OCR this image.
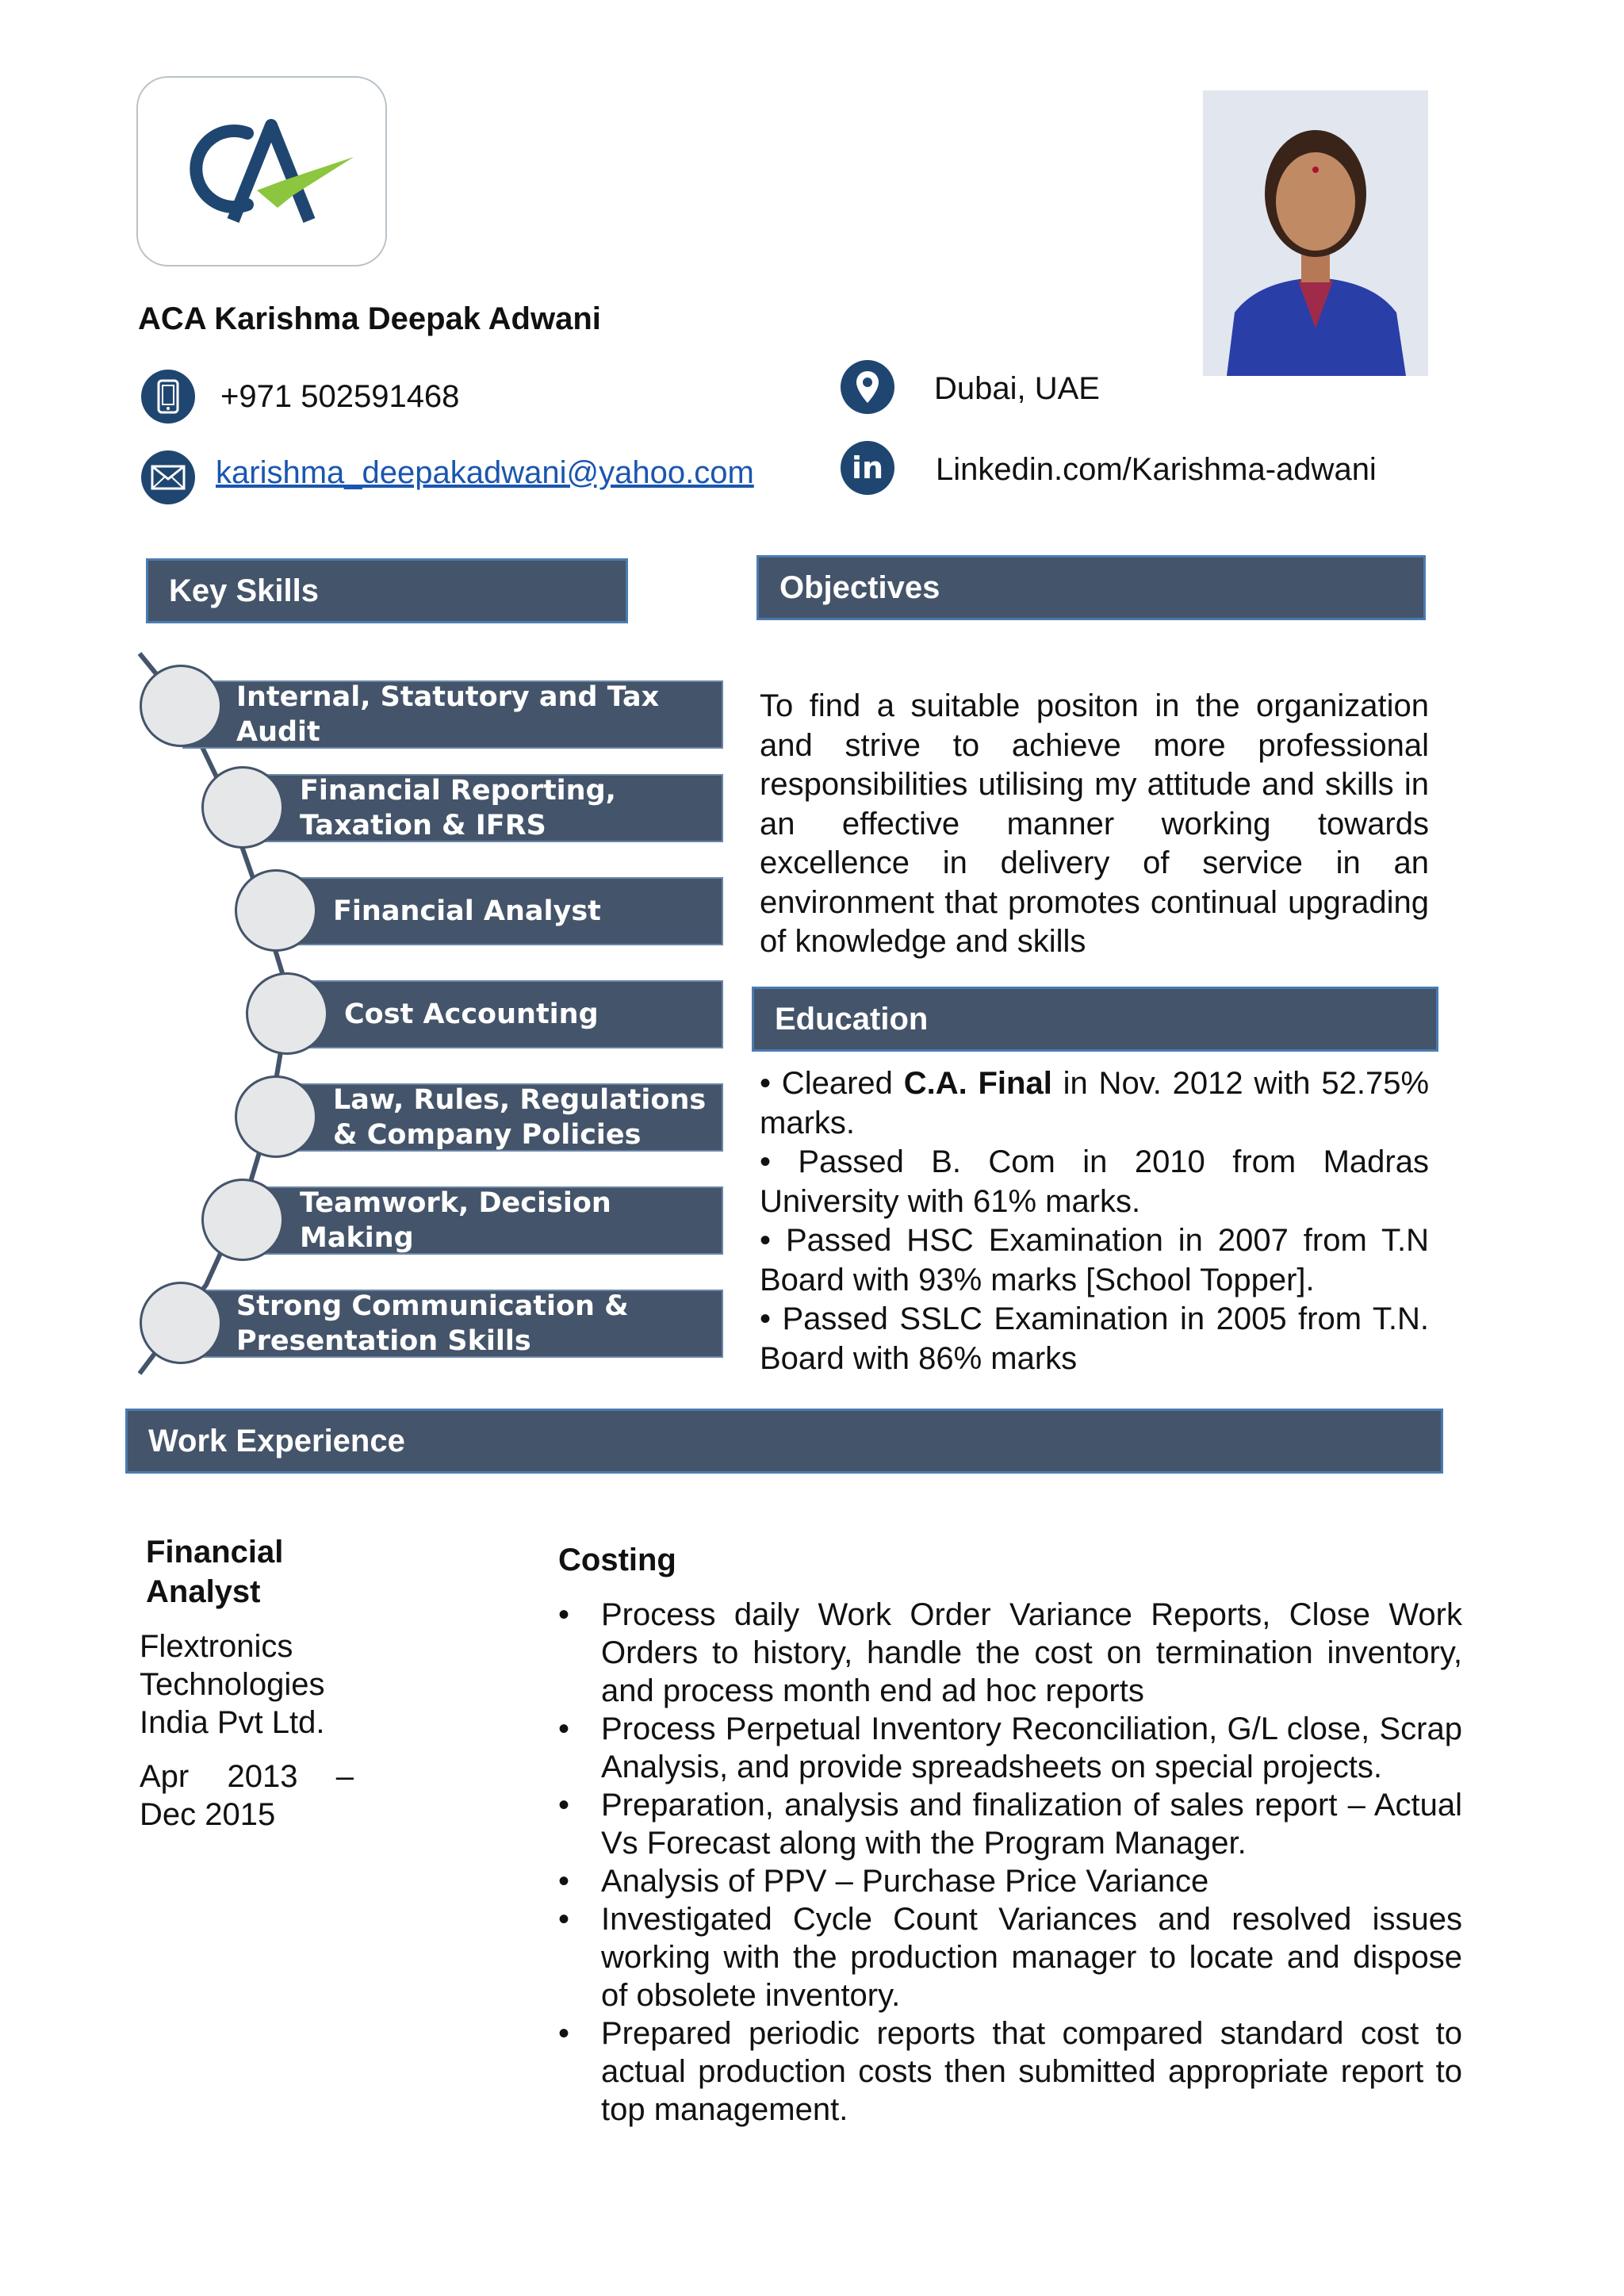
ACA Karishma Deepak Adwani
+971 502591468
karishma_deepakadwani@yahoo.com
Dubai, UAE
in Linkedin.com/Karishma-adwani
Key Skills	Objectives
Education
Work Experience
Internal, Statutory and Tax Audit
Financial Reporting, Taxation & IFRS
Financial Analyst
Cost Accounting
Law, Rules, Regulations & Company Policies
Teamwork, Decision Making
Strong Communication & Presentation Skills
To find a suitable positon in the organization and strive to achieve more professional responsibilities utilising my attitude and skills in an effective manner working towards excellence in delivery of service in an environment that promotes continual upgrading of knowledge and skills

• Cleared C.A. Final in Nov. 2012 with 52.75% marks.

• Passed B. Com in 2010 from Madras University with 61% marks.

• Passed HSC Examination in 2007 from T.N Board with 93% marks [School Topper].

• Passed SSLC Examination in 2005 from T.N. Board with 86% marks

Financial Analyst
Flextronics Technologies India Pvt Ltd.
Apr 2013 – Dec 2015
Costing
• Process daily Work Order Variance Reports, Close Work Orders to history, handle the cost on termination inventory, and process month end ad hoc reports
• Process Perpetual Inventory Reconciliation, G/L close, Scrap Analysis, and provide spreadsheets on special projects.
• Preparation, analysis and finalization of sales report – Actual Vs Forecast along with the Program Manager.
• Analysis of PPV – Purchase Price Variance
• Investigated Cycle Count Variances and resolved issues working with the production manager to locate and dispose of obsolete inventory.
• Prepared periodic reports that compared standard cost to actual production costs then submitted appropriate report to top management.
